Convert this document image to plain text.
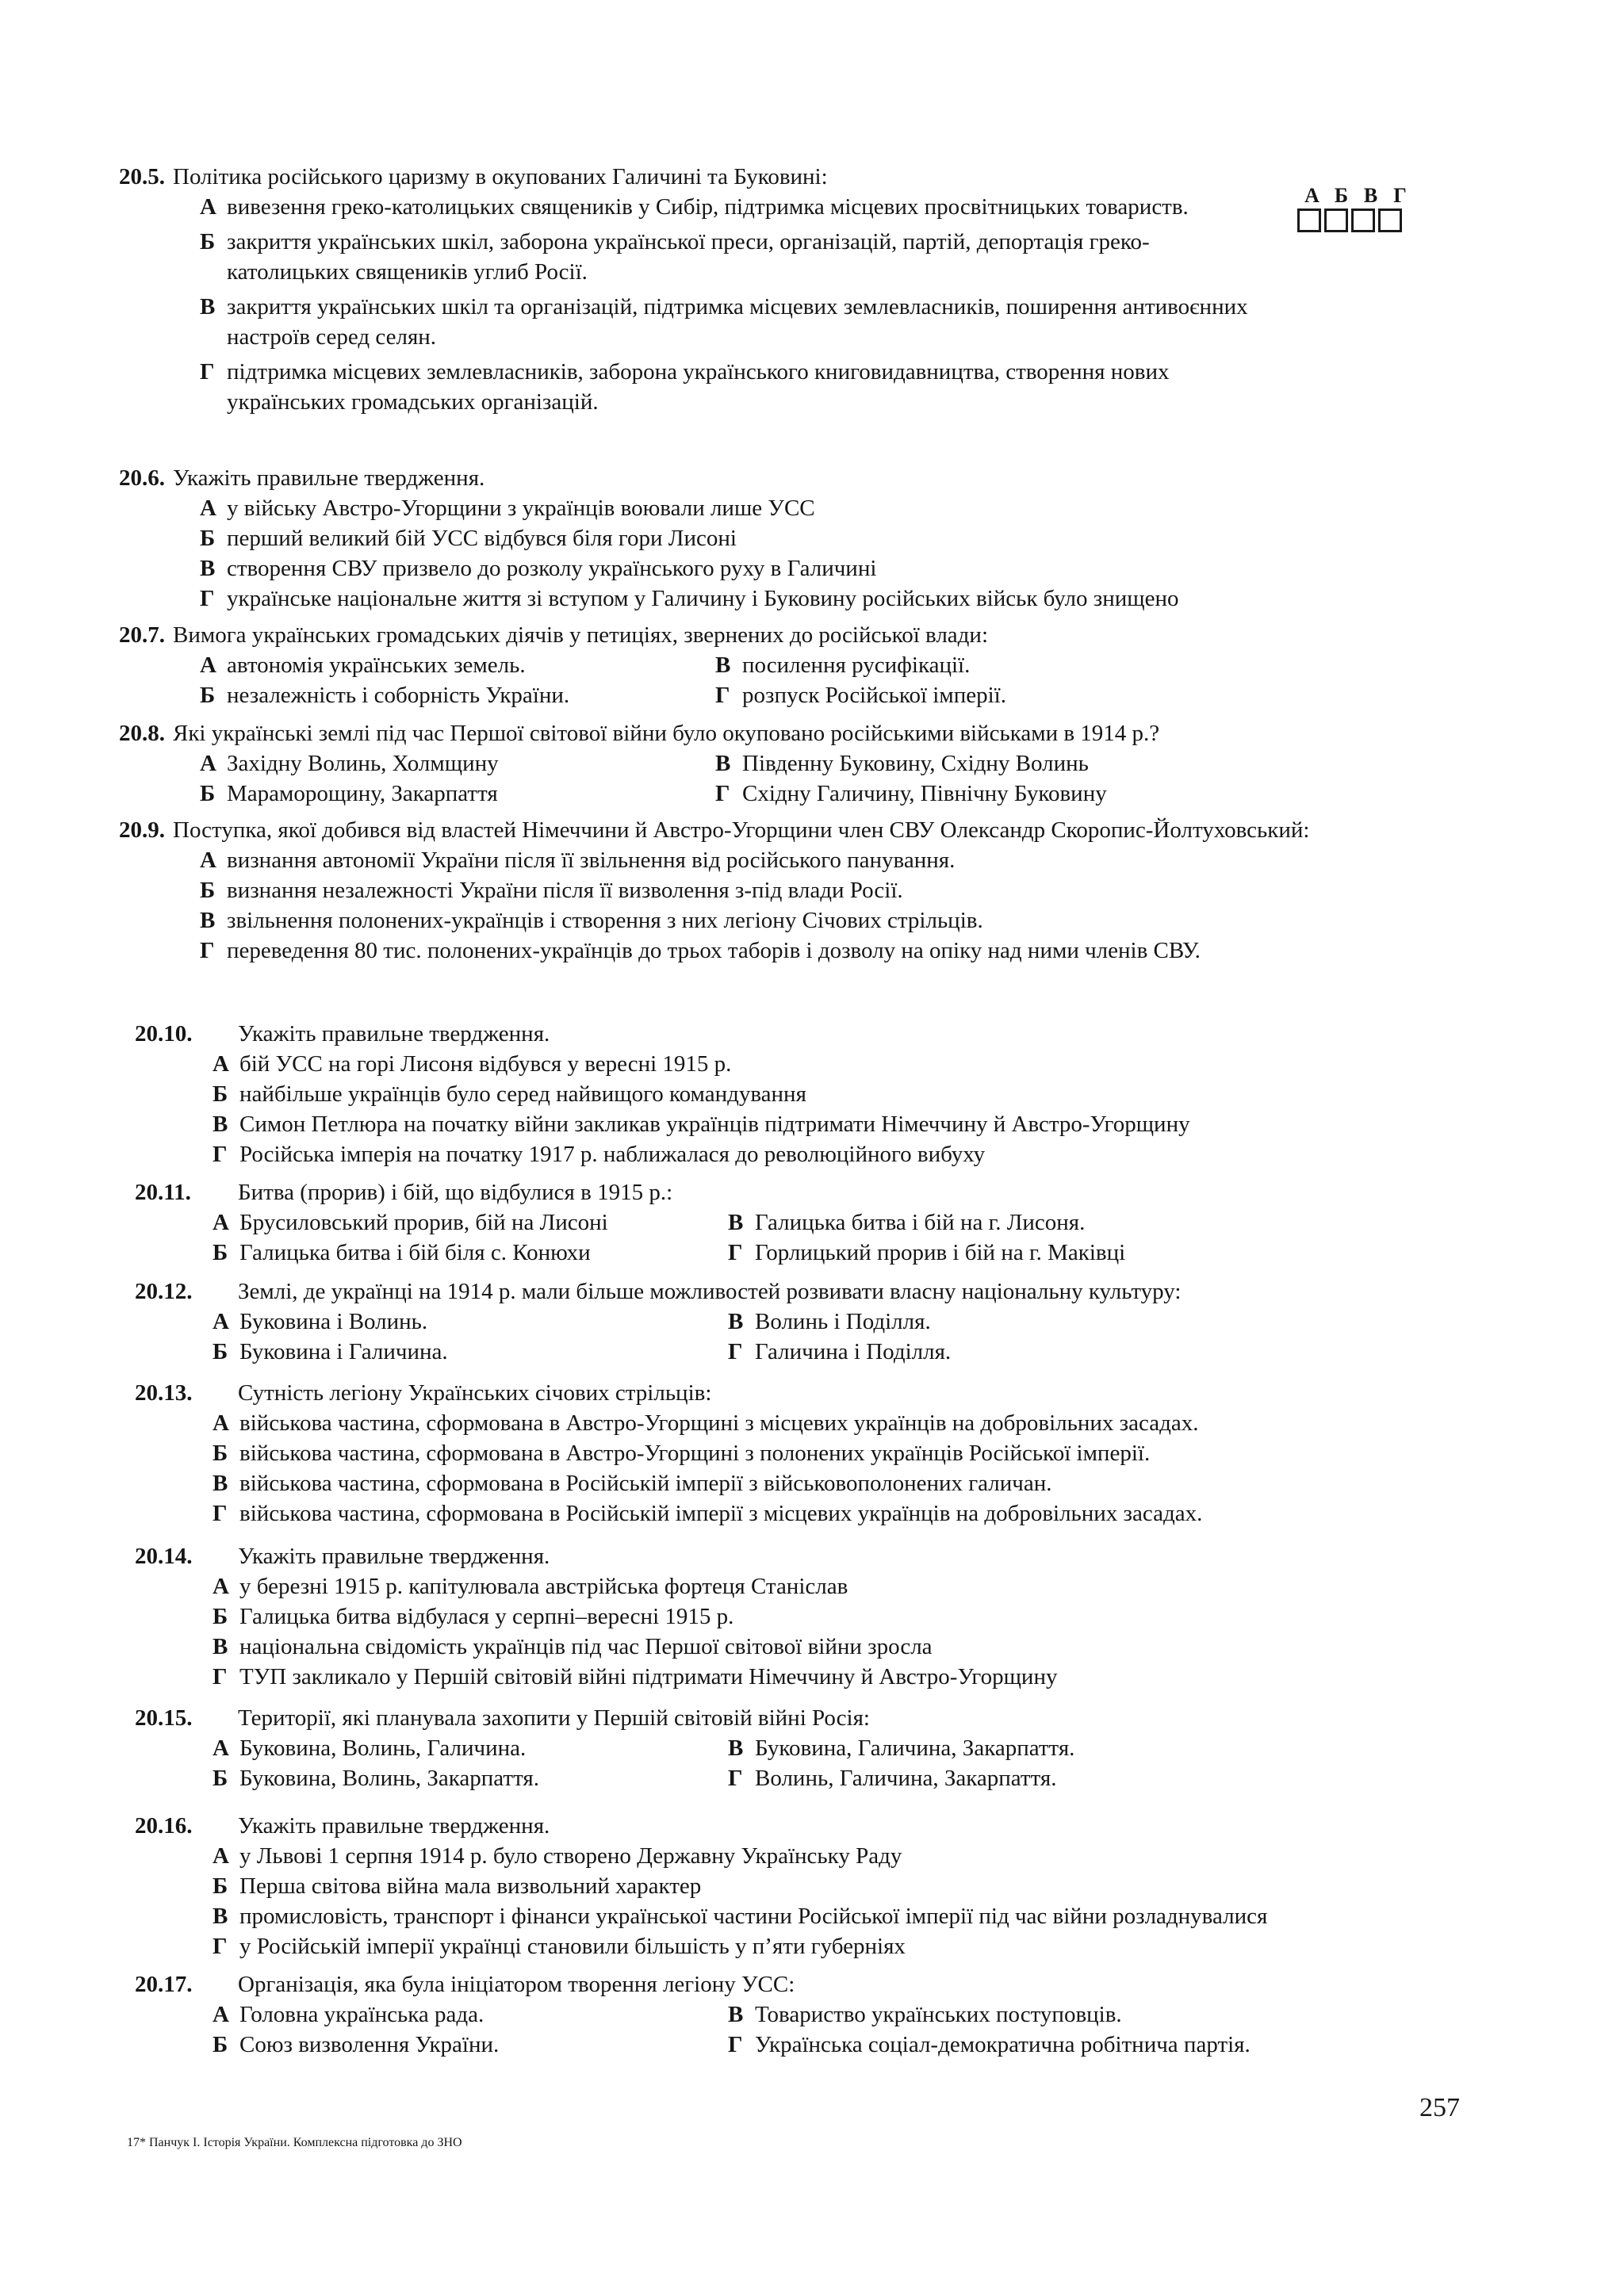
А Б В Г
20.5. Політика російського царизму в окупованих Галичині та Буковині:
А вивезення греко-католицьких священиків у Сибір, підтримка місцевих просвітницьких товариств.
Б закриття українських шкіл, заборона української преси, організацій, партій, депортація греко-католицьких священиків углиб Росії.
В закриття українських шкіл та організацій, підтримка місцевих землевласників, поширення антивоєнних настроїв серед селян.
Г підтримка місцевих землевласників, заборона українського книговидавництва, створення нових українських громадських організацій.
20.6. Укажіть правильне твердження.
А у війську Австро-Угорщини з українців воювали лише УСС
Б перший великий бій УСС відбувся біля гори Лисоні
В створення СВУ призвело до розколу українського руху в Галичині
Г українське національне життя зі вступом у Галичину і Буковину російських військ було знищено
20.7. Вимога українських громадських діячів у петиціях, звернених до російської влади:
А автономія українських земель.	В посилення русифікації.
Б незалежність і соборність України.	Г розпуск Російської імперії.
20.8. Які українські землі під час Першої світової війни було окуповано російськими військами в 1914 р.?
А Західну Волинь, Холмщину	В Південну Буковину, Східну Волинь
Б Мараморощину, Закарпаття	Г Східну Галичину, Північну Буковину
20.9. Поступка, якої добився від властей Німеччини й Австро-Угорщини член СВУ Олександр Скоропис-Йолтуховський:
А визнання автономії України після її звільнення від російського панування.
Б визнання незалежності України після її визволення з-під влади Росії.
В звільнення полонених-українців і створення з них легіону Січових стрільців.
Г переведення 80 тис. полонених-українців до трьох таборів і дозволу на опіку над ними членів СВУ.
20.10.	Укажіть правильне твердження.
А бій УСС на горі Лисоня відбувся у вересні 1915 р.
Б найбільше українців було серед найвищого командування
В Симон Петлюра на початку війни закликав українців підтримати Німеччину й Австро-Угорщину
Г Російська імперія на початку 1917 р. наближалася до революційного вибуху
20.11.	Битва (прорив) і бій, що відбулися в 1915 р.:
А Брусиловський прорив, бій на Лисоні	В Галицька битва і бій на г. Лисоня.
Б Галицька битва і бій біля с. Конюхи	Г Горлицький прорив і бій на г. Маківці
20.12.	Землі, де українці на 1914 р. мали більше можливостей розвивати власну національну культуру:
А Буковина і Волинь.	В Волинь і Поділля.
Б Буковина і Галичина.	Г Галичина і Поділля.
20.13.	Сутність легіону Українських січових стрільців:
А військова частина, сформована в Австро-Угорщині з місцевих українців на добровільних засадах.
Б військова частина, сформована в Австро-Угорщині з полонених українців Російської імперії.
В військова частина, сформована в Російській імперії з військовополонених галичан.
Г військова частина, сформована в Російській імперії з місцевих українців на добровільних засадах.
20.14.	Укажіть правильне твердження.
А у березні 1915 р. капітулювала австрійська фортеця Станіслав
Б Галицька битва відбулася у серпні–вересні 1915 р.
В національна свідомість українців під час Першої світової війни зросла
Г ТУП закликало у Першій світовій війні підтримати Німеччину й Австро-Угорщину
20.15.	Території, які планувала захопити у Першій світовій війні Росія:
А Буковина, Волинь, Галичина.	В Буковина, Галичина, Закарпаття.
Б Буковина, Волинь, Закарпаття.	Г Волинь, Галичина, Закарпаття.
20.16.	Укажіть правильне твердження.
А у Львові 1 серпня 1914 р. було створено Державну Українську Раду
Б Перша світова війна мала визвольний характер
В промисловість, транспорт і фінанси української частини Російської імперії під час війни розладнувалися
Г у Російській імперії українці становили більшість у п’яти губерніях
20.17.	Організація, яка була ініціатором творення легіону УСС:
А Головна українська рада.	В Товариство українських поступовців.
Б Союз визволення України.	Г Українська соціал-демократична робітнича партія.
257
17* Панчук І. Історія України. Комплексна підготовка до ЗНО
